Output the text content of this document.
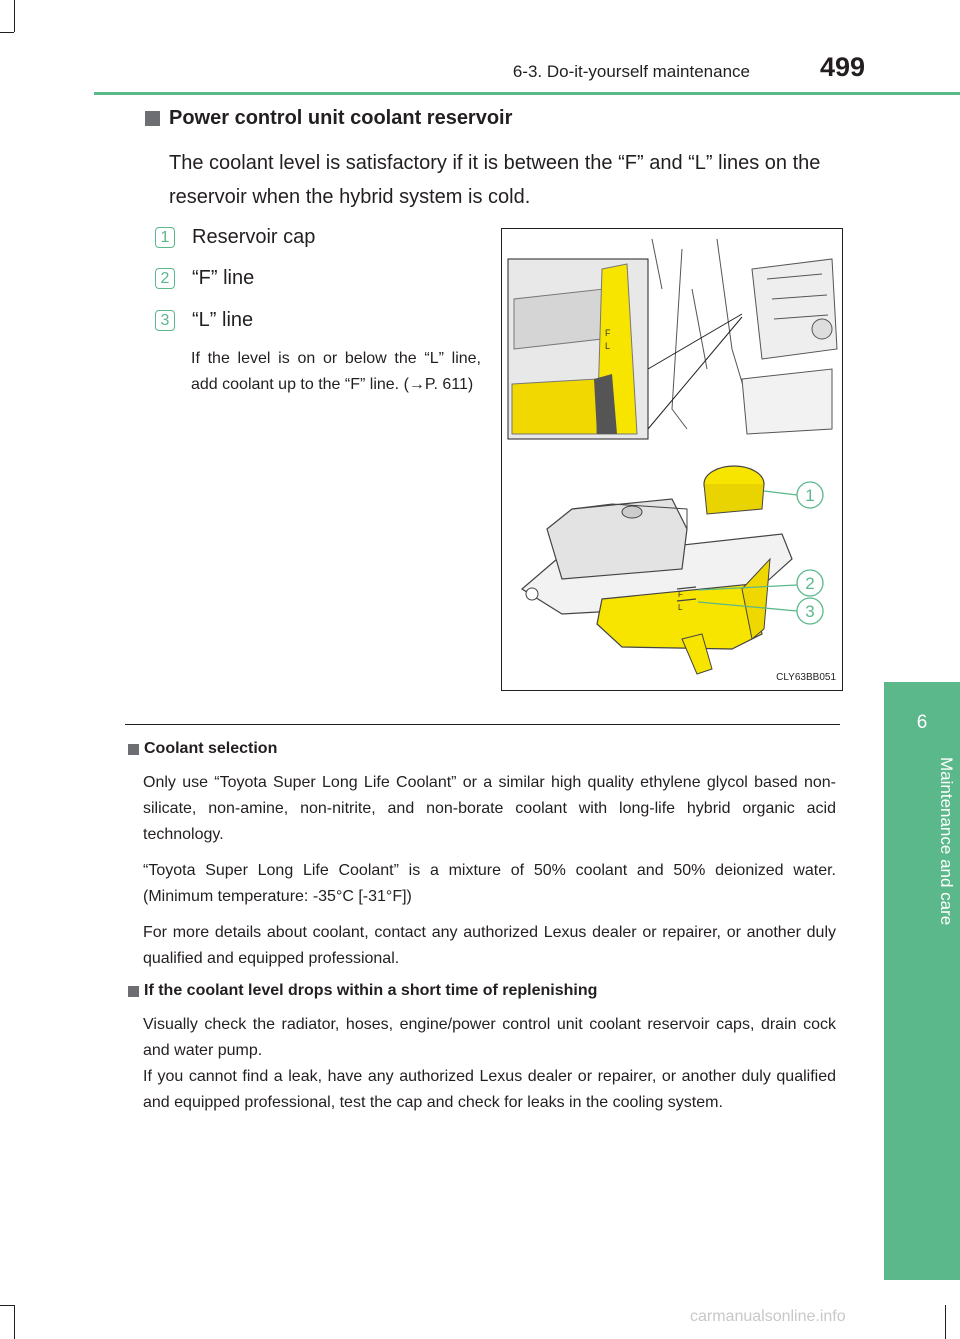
6-3. Do-it-yourself maintenance	499
6
Maintenance and care
Power control unit coolant reservoir
The coolant level is satisfactory if it is between the “F” and “L” lines on the reservoir when the hybrid system is cold.
1 Reservoir cap
2 “F” line
3 “L” line
If the level is on or below the “L” line, add coolant up to the “F” line. (→P. 611)
F
L
F
L
1
2
3
CLY63BB051
Coolant selection
Only use “Toyota Super Long Life Coolant” or a similar high quality ethylene glycol based non-silicate, non-amine, non-nitrite, and non-borate coolant with long-life hybrid organic acid technology.
“Toyota Super Long Life Coolant” is a mixture of 50% coolant and 50% deionized water. (Minimum temperature: -35°C [-31°F])
For more details about coolant, contact any authorized Lexus dealer or repairer, or another duly qualified and equipped professional.
If the coolant level drops within a short time of replenishing
Visually check the radiator, hoses, engine/power control unit coolant reservoir caps, drain cock and water pump.
If you cannot find a leak, have any authorized Lexus dealer or repairer, or another duly qualified and equipped professional, test the cap and check for leaks in the cooling system.
carmanualsonline.info
